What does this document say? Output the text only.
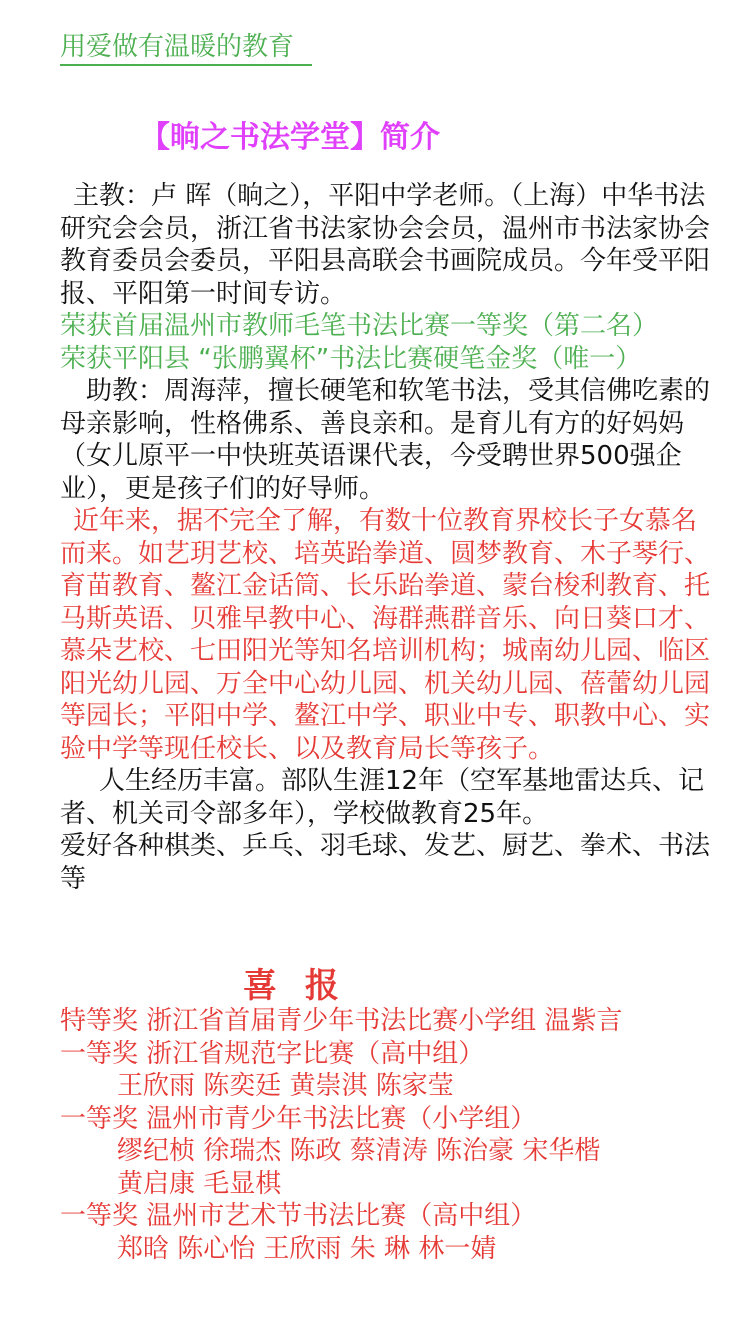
用爱做有温暖的教育
【晌之书法学堂】简介

主教：卢 晖（晌之），平阳中学老师。（上海）中华书法研究会会员，浙江省书法家协会会员，温州市书法家协会教育委员会委员，平阳县高联会书画院成员。今年受平阳报、平阳第一时间专访。

荣获首届温州市教师毛笔书法比赛一等奖（第二名）

荣获平阳县 “张鹏翼杯”书法比赛硬笔金奖（唯一）

助教：周海萍，擅长硬笔和软笔书法，受其信佛吃素的母亲影响，性格佛系、善良亲和。是育儿有方的好妈妈（女儿原平一中快班英语课代表，今受聘世界500强企业），更是孩子们的好导师。

近年来，据不完全了解，有数十位教育界校长子女慕名而来。如艺玥艺校、培英跆拳道、圆梦教育、木子琴行、育苗教育、鳌江金话筒、长乐跆拳道、蒙台梭利教育、托马斯英语、贝雅早教中心、海群燕群音乐、向日葵口才、慕朵艺校、七田阳光等知名培训机构；城南幼儿园、临区阳光幼儿园、万全中心幼儿园、机关幼儿园、蓓蕾幼儿园等园长；平阳中学、鳌江中学、职业中专、职教中心、实验中学等现任校长、以及教育局长等孩子。

人生经历丰富。部队生涯12年（空军基地雷达兵、记者、机关司令部多年），学校做教育25年。

爱好各种棋类、乒乓、羽毛球、发艺、厨艺、拳术、书法等

喜 报
特等奖 浙江省首届青少年书法比赛小学组 温紫言
一等奖 浙江省规范字比赛（高中组）
王欣雨 陈奕廷 黄崇淇 陈家莹
一等奖 温州市青少年书法比赛（小学组）
缪纪桢 徐瑞杰 陈政 蔡清涛 陈治豪 宋华楷
黄启康 毛显棋
一等奖 温州市艺术节书法比赛（高中组）
郑晗 陈心怡 王欣雨 朱 琳 林一婧
